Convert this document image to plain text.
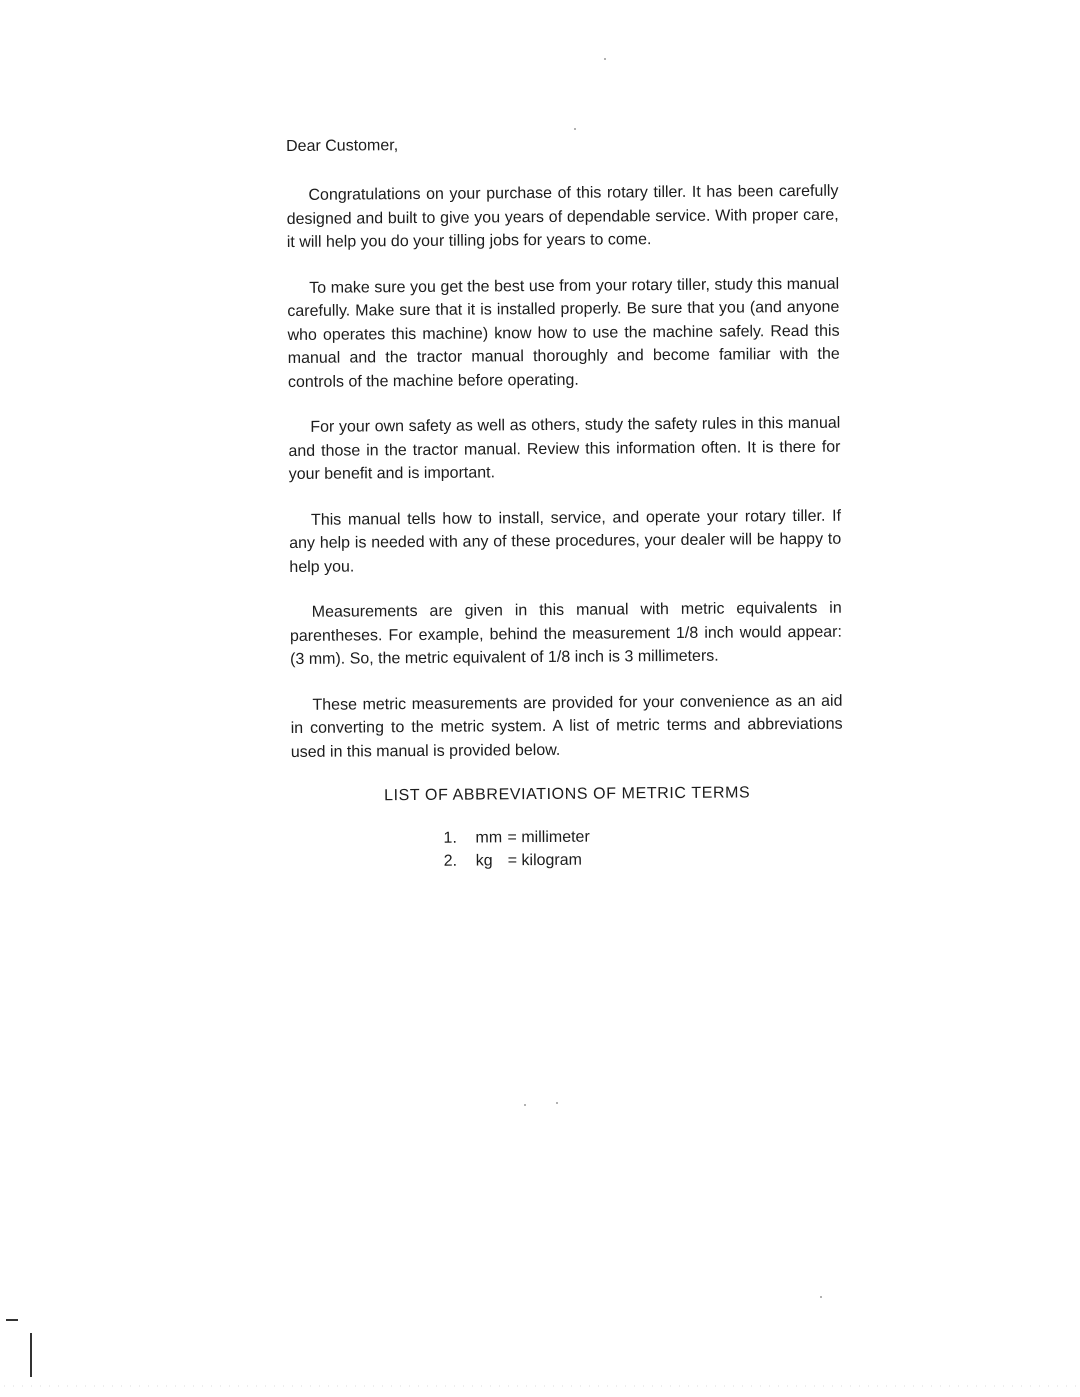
Dear Customer,

Congratulations on your purchase of this rotary tiller. It has been carefully designed and built to give you years of dependable service. With proper care, it will help you do your tilling jobs for years to come.

To make sure you get the best use from your rotary tiller, study this manual carefully. Make sure that it is installed properly. Be sure that you (and anyone who operates this machine) know how to use the machine safely. Read this manual and the tractor manual thoroughly and become familiar with the controls of the machine before operating.

For your own safety as well as others, study the safety rules in this manual and those in the tractor manual. Review this information often. It is there for your benefit and is important.

This manual tells how to install, service, and operate your rotary tiller. If any help is needed with any of these procedures, your dealer will be happy to help you.

Measurements are given in this manual with metric equivalents in parentheses. For example, behind the measurement 1/8 inch would appear: (3 mm). So, the metric equivalent of 1/8 inch is 3 millimeters.

These metric measurements are provided for your convenience as an aid in converting to the metric system. A list of metric terms and abbreviations used in this manual is provided below.

LIST OF ABBREVIATIONS OF METRIC TERMS
1.	mm = millimeter
2.	kg = kilogram
